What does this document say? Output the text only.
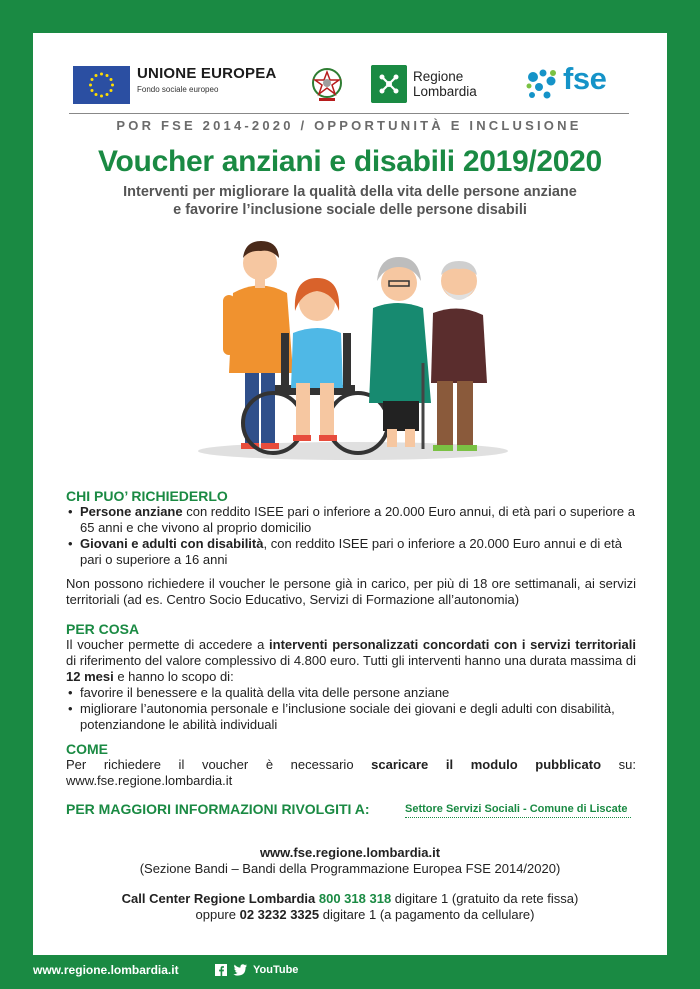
UNIONE EUROPEA
Fondo sociale europeo
Regione
Lombardia	fse
POR FSE 2014-2020 / OPPORTUNITÀ E INCLUSIONE
Voucher anziani e disabili 2019/2020
Interventi per migliorare la qualità della vita delle persone anziane
e favorire l’inclusione sociale delle persone disabili
CHI PUO’ RICHIEDERLO
• Persone anziane con reddito ISEE pari o inferiore a 20.000 Euro annui, di età pari o superiore a 65 anni e che vivono al proprio domicilio
• Giovani e adulti con disabilità, con reddito ISEE pari o inferiore a 20.000 Euro annui e di età pari o superiore a 16 anni
Non possono richiedere il voucher le persone già in carico, per più di 18 ore settimanali, ai servizi territoriali (ad es. Centro Socio Educativo, Servizi di Formazione all’autonomia)
PER COSA
Il voucher permette di accedere a interventi personalizzati concordati con i servizi territoriali di riferimento del valore complessivo di 4.800 euro. Tutti gli interventi hanno una durata massima di 12 mesi e hanno lo scopo di:
• favorire il benessere e la qualità della vita delle persone anziane
• migliorare l’autonomia personale e l’inclusione sociale dei giovani e degli adulti con disabilità, potenziandone le abilità individuali
COME
Per richiedere il voucher è necessario scaricare il modulo pubblicato su: www.fse.regione.lombardia.it
PER MAGGIORI INFORMAZIONI RIVOLGITI A:	Settore Servizi Sociali - Comune di Liscate
www.fse.regione.lombardia.it
(Sezione Bandi – Bandi della Programmazione Europea FSE 2014/2020)
Call Center Regione Lombardia 800 318 318 digitare 1 (gratuito da rete fissa)
oppure 02 3232 3325 digitare 1 (a pagamento da cellulare)
www.regione.lombardia.it	YouTube
